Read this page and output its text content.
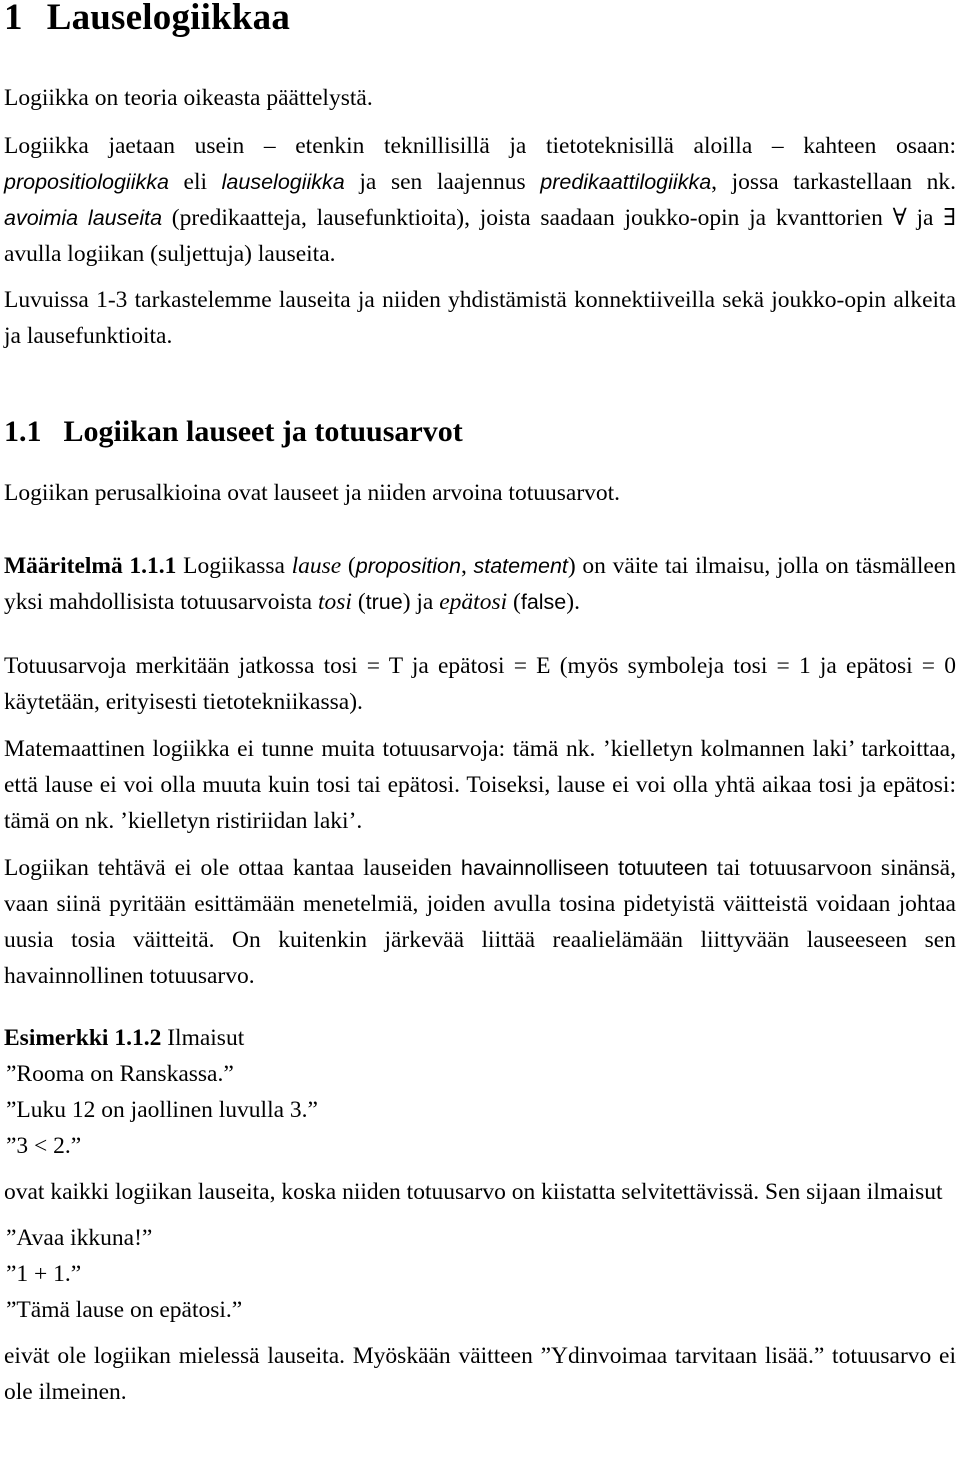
1 Lauselogiikkaa

Logiikka on teoria oikeasta päättelystä.

Logiikka jaetaan usein – etenkin teknillisillä ja tietoteknisillä aloilla – kahteen osaan: propositiologiikka eli lauselogiikka ja sen laajennus predikaattilogiikka, jossa tarkastellaan nk. avoimia lauseita (predikaatteja, lausefunktioita), joista saadaan joukko-opin ja kvanttorien ∀ ja ∃ avulla logiikan (suljettuja) lauseita.

Luvuissa 1-3 tarkastelemme lauseita ja niiden yhdistämistä konnektiiveilla sekä joukko-opin alkeita ja lausefunktioita.

1.1 Logiikan lauseet ja totuusarvot

Logiikan perusalkioina ovat lauseet ja niiden arvoina totuusarvot.

Määritelmä 1.1.1 Logiikassa lause (proposition, statement) on väite tai ilmaisu, jolla on täsmälleen yksi mahdollisista totuusarvoista tosi (true) ja epätosi (false).

Totuusarvoja merkitään jatkossa tosi = T ja epätosi = E (myös symboleja tosi = 1 ja epätosi = 0 käytetään, erityisesti tietotekniikassa).

Matemaattinen logiikka ei tunne muita totuusarvoja: tämä nk. ’kielletyn kolmannen laki’ tarkoittaa, että lause ei voi olla muuta kuin tosi tai epätosi. Toiseksi, lause ei voi olla yhtä aikaa tosi ja epätosi: tämä on nk. ’kielletyn ristiriidan laki’.

Logiikan tehtävä ei ole ottaa kantaa lauseiden havainnolliseen totuuteen tai totuusarvoon sinänsä, vaan siinä pyritään esittämään menetelmiä, joiden avulla tosina pidetyistä väitteistä voidaan johtaa uusia tosia väitteitä. On kuitenkin järkevää liittää reaalielämään liittyvään lauseeseen sen havainnollinen totuusarvo.

Esimerkki 1.1.2 Ilmaisut

”Rooma on Ranskassa.”

”Luku 12 on jaollinen luvulla 3.”

”3 < 2.”

ovat kaikki logiikan lauseita, koska niiden totuusarvo on kiistatta selvitettävissä. Sen sijaan ilmaisut

”Avaa ikkuna!”

”1 + 1.”

”Tämä lause on epätosi.”

eivät ole logiikan mielessä lauseita. Myöskään väitteen ”Ydinvoimaa tarvitaan lisää.” totuusarvo ei ole ilmeinen.
